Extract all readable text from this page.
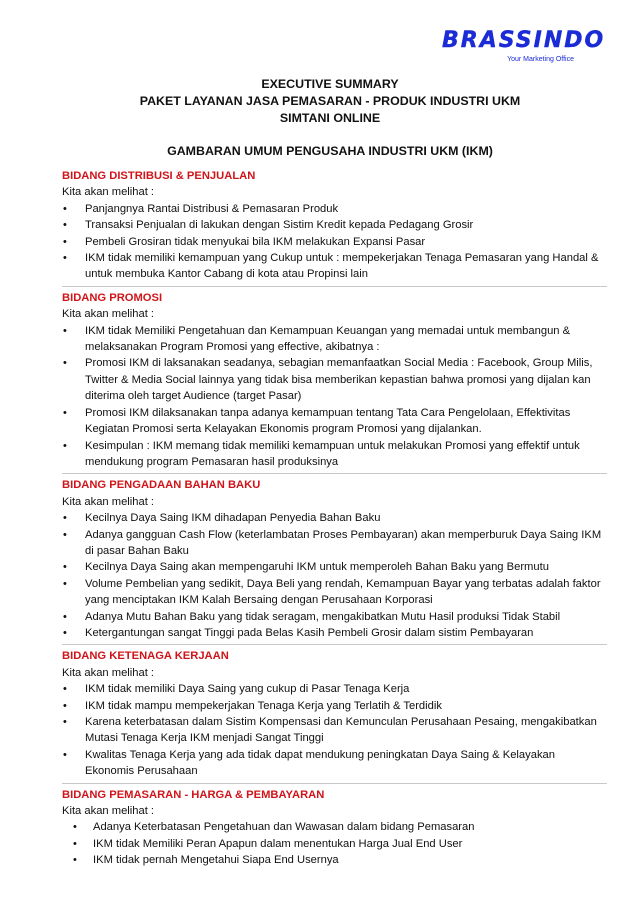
BRASSINDO
Your Marketing Office
EXECUTIVE SUMMARY
PAKET LAYANAN JASA PEMASARAN - PRODUK INDUSTRI UKM
SIMTANI ONLINE
GAMBARAN UMUM PENGUSAHA INDUSTRI UKM (IKM)
BIDANG DISTRIBUSI & PENJUALAN
Kita akan melihat :
• Panjangnya Rantai Distribusi & Pemasaran Produk
• Transaksi Penjualan di lakukan dengan Sistim Kredit kepada Pedagang Grosir
• Pembeli Grosiran tidak menyukai bila IKM melakukan Expansi Pasar
• IKM tidak memiliki kemampuan yang Cukup untuk : mempekerjakan Tenaga Pemasaran yang Handal & untuk membuka Kantor Cabang di kota atau Propinsi lain
BIDANG PROMOSI
Kita akan melihat :
• IKM tidak Memiliki Pengetahuan dan Kemampuan Keuangan yang memadai untuk membangun & melaksanakan Program Promosi yang effective, akibatnya :
• Promosi IKM di laksanakan seadanya, sebagian memanfaatkan Social Media : Facebook, Group Milis, Twitter & Media Social lainnya yang tidak bisa memberikan kepastian bahwa promosi yang dijalan kan diterima oleh target Audience (target Pasar)
• Promosi IKM dilaksanakan tanpa adanya kemampuan tentang Tata Cara Pengelolaan, Effektivitas Kegiatan Promosi serta Kelayakan Ekonomis program Promosi yang dijalankan.
• Kesimpulan : IKM memang tidak memiliki kemampuan untuk melakukan Promosi yang effektif untuk mendukung program Pemasaran hasil produksinya
BIDANG PENGADAAN BAHAN BAKU
Kita akan melihat :
• Kecilnya Daya Saing IKM dihadapan Penyedia Bahan Baku
• Adanya gangguan Cash Flow (keterlambatan Proses Pembayaran) akan memperburuk Daya Saing IKM di pasar Bahan Baku
• Kecilnya Daya Saing akan mempengaruhi IKM untuk memperoleh Bahan Baku yang Bermutu
• Volume Pembelian yang sedikit, Daya Beli yang rendah, Kemampuan Bayar yang terbatas adalah faktor yang menciptakan IKM Kalah Bersaing dengan Perusahaan Korporasi
• Adanya Mutu Bahan Baku yang tidak seragam, mengakibatkan Mutu Hasil produksi Tidak Stabil
• Ketergantungan sangat Tinggi pada Belas Kasih Pembeli Grosir dalam sistim Pembayaran
BIDANG KETENAGA KERJAAN
Kita akan melihat :
• IKM tidak memiliki Daya Saing yang cukup di Pasar Tenaga Kerja
• IKM tidak mampu mempekerjakan Tenaga Kerja yang Terlatih & Terdidik
• Karena keterbatasan dalam Sistim Kompensasi dan Kemunculan Perusahaan Pesaing, mengakibatkan Mutasi Tenaga Kerja IKM menjadi Sangat Tinggi
• Kwalitas Tenaga Kerja yang ada tidak dapat mendukung peningkatan Daya Saing & Kelayakan Ekonomis Perusahaan
BIDANG PEMASARAN - HARGA & PEMBAYARAN
Kita akan melihat :
• Adanya Keterbatasan Pengetahuan dan Wawasan dalam bidang Pemasaran
• IKM tidak Memiliki Peran Apapun dalam menentukan Harga Jual End User
• IKM tidak pernah Mengetahui Siapa End Usernya
